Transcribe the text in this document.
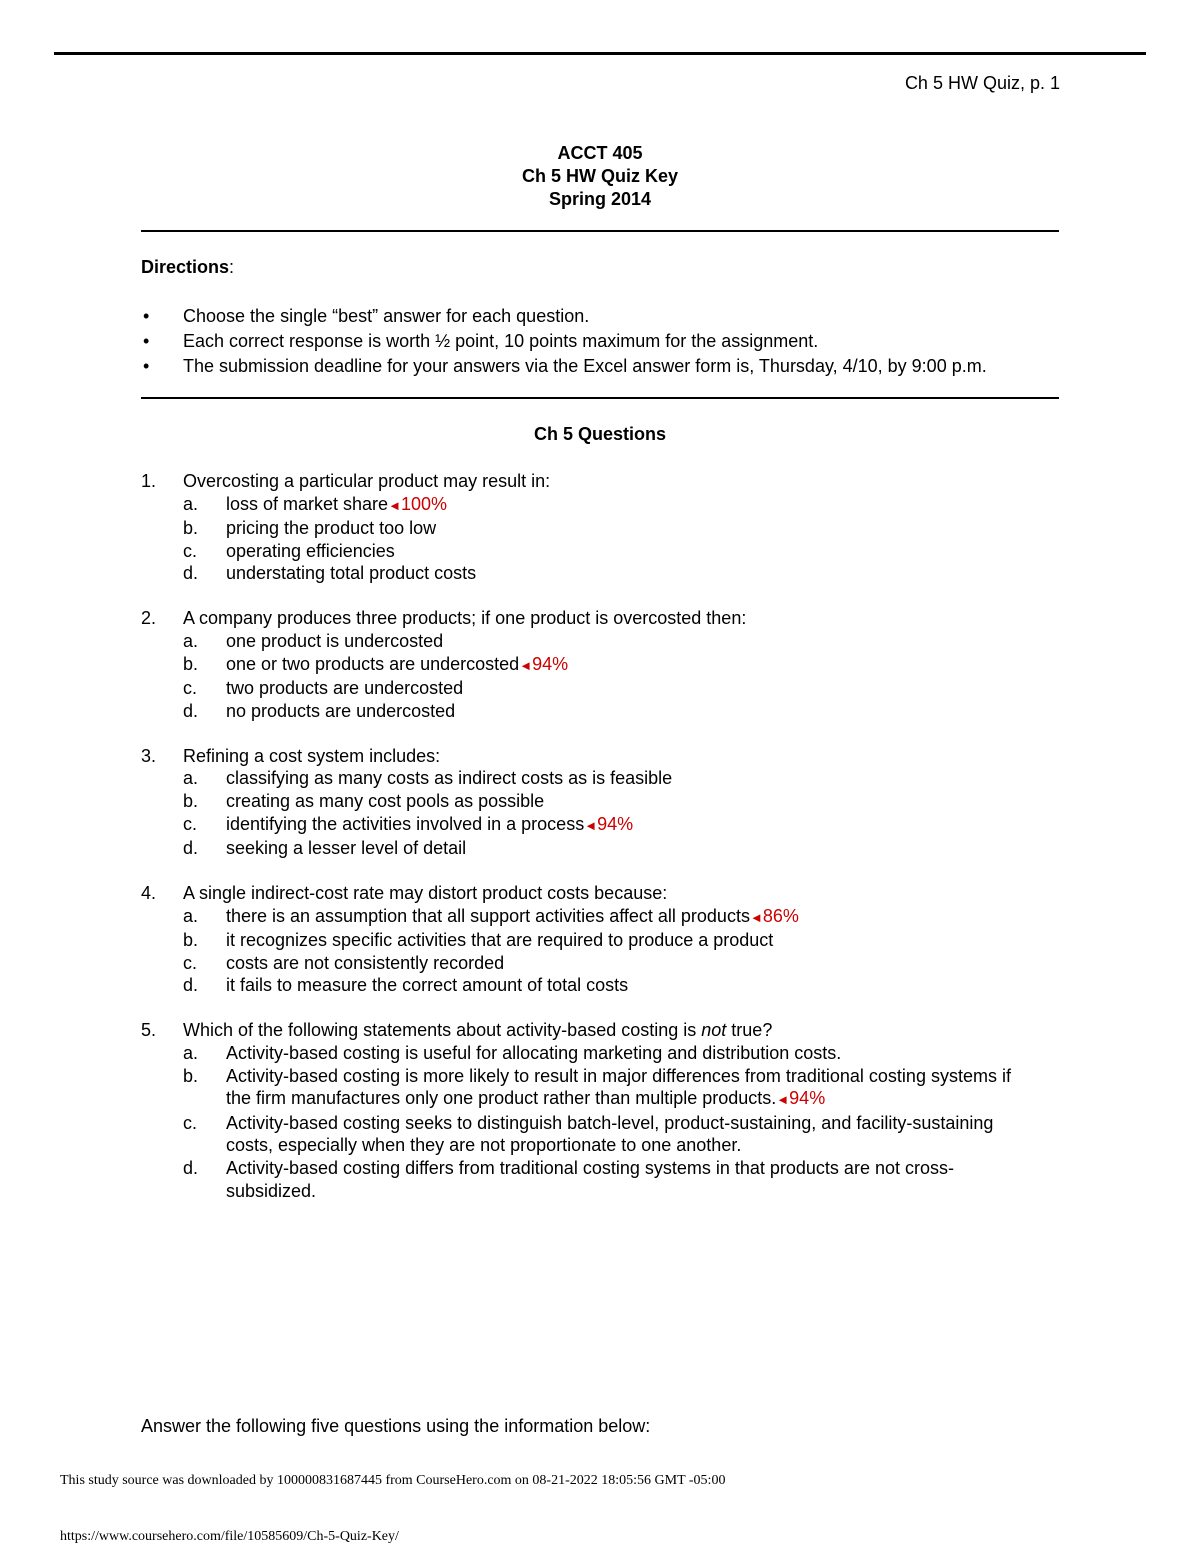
Ch 5 HW Quiz, p. 1
ACCT 405
Ch 5 HW Quiz Key
Spring 2014
Directions:
•	Choose the single “best” answer for each question.
•	Each correct response is worth ½ point, 10 points maximum for the assignment.
•	The submission deadline for your answers via the Excel answer form is, Thursday, 4/10, by 9:00 p.m.
Ch 5 Questions
1.	Overcosting a particular product may result in:
a.	loss of market share◄100%
b.	pricing the product too low
c.	operating efficiencies
d.	understating total product costs
2.	A company produces three products; if one product is overcosted then:
a.	one product is undercosted
b.	one or two products are undercosted◄94%
c.	two products are undercosted
d.	no products are undercosted
3.	Refining a cost system includes:
a.	classifying as many costs as indirect costs as is feasible
b.	creating as many cost pools as possible
c.	identifying the activities involved in a process◄94%
d.	seeking a lesser level of detail
4.	A single indirect-cost rate may distort product costs because:
a.	there is an assumption that all support activities affect all products◄86%
b.	it recognizes specific activities that are required to produce a product
c.	costs are not consistently recorded
d.	it fails to measure the correct amount of total costs
5.	Which of the following statements about activity-based costing is not true?
a.	Activity-based costing is useful for allocating marketing and distribution costs.
b.	Activity-based costing is more likely to result in major differences from traditional costing systems if the firm manufactures only one product rather than multiple products.◄94%
c.	Activity-based costing seeks to distinguish batch-level, product-sustaining, and facility-sustaining costs, especially when they are not proportionate to one another.
d.	Activity-based costing differs from traditional costing systems in that products are not cross-subsidized.
Answer the following five questions using the information below:
This study source was downloaded by 100000831687445 from CourseHero.com on 08-21-2022 18:05:56 GMT -05:00
https://www.coursehero.com/file/10585609/Ch-5-Quiz-Key/
